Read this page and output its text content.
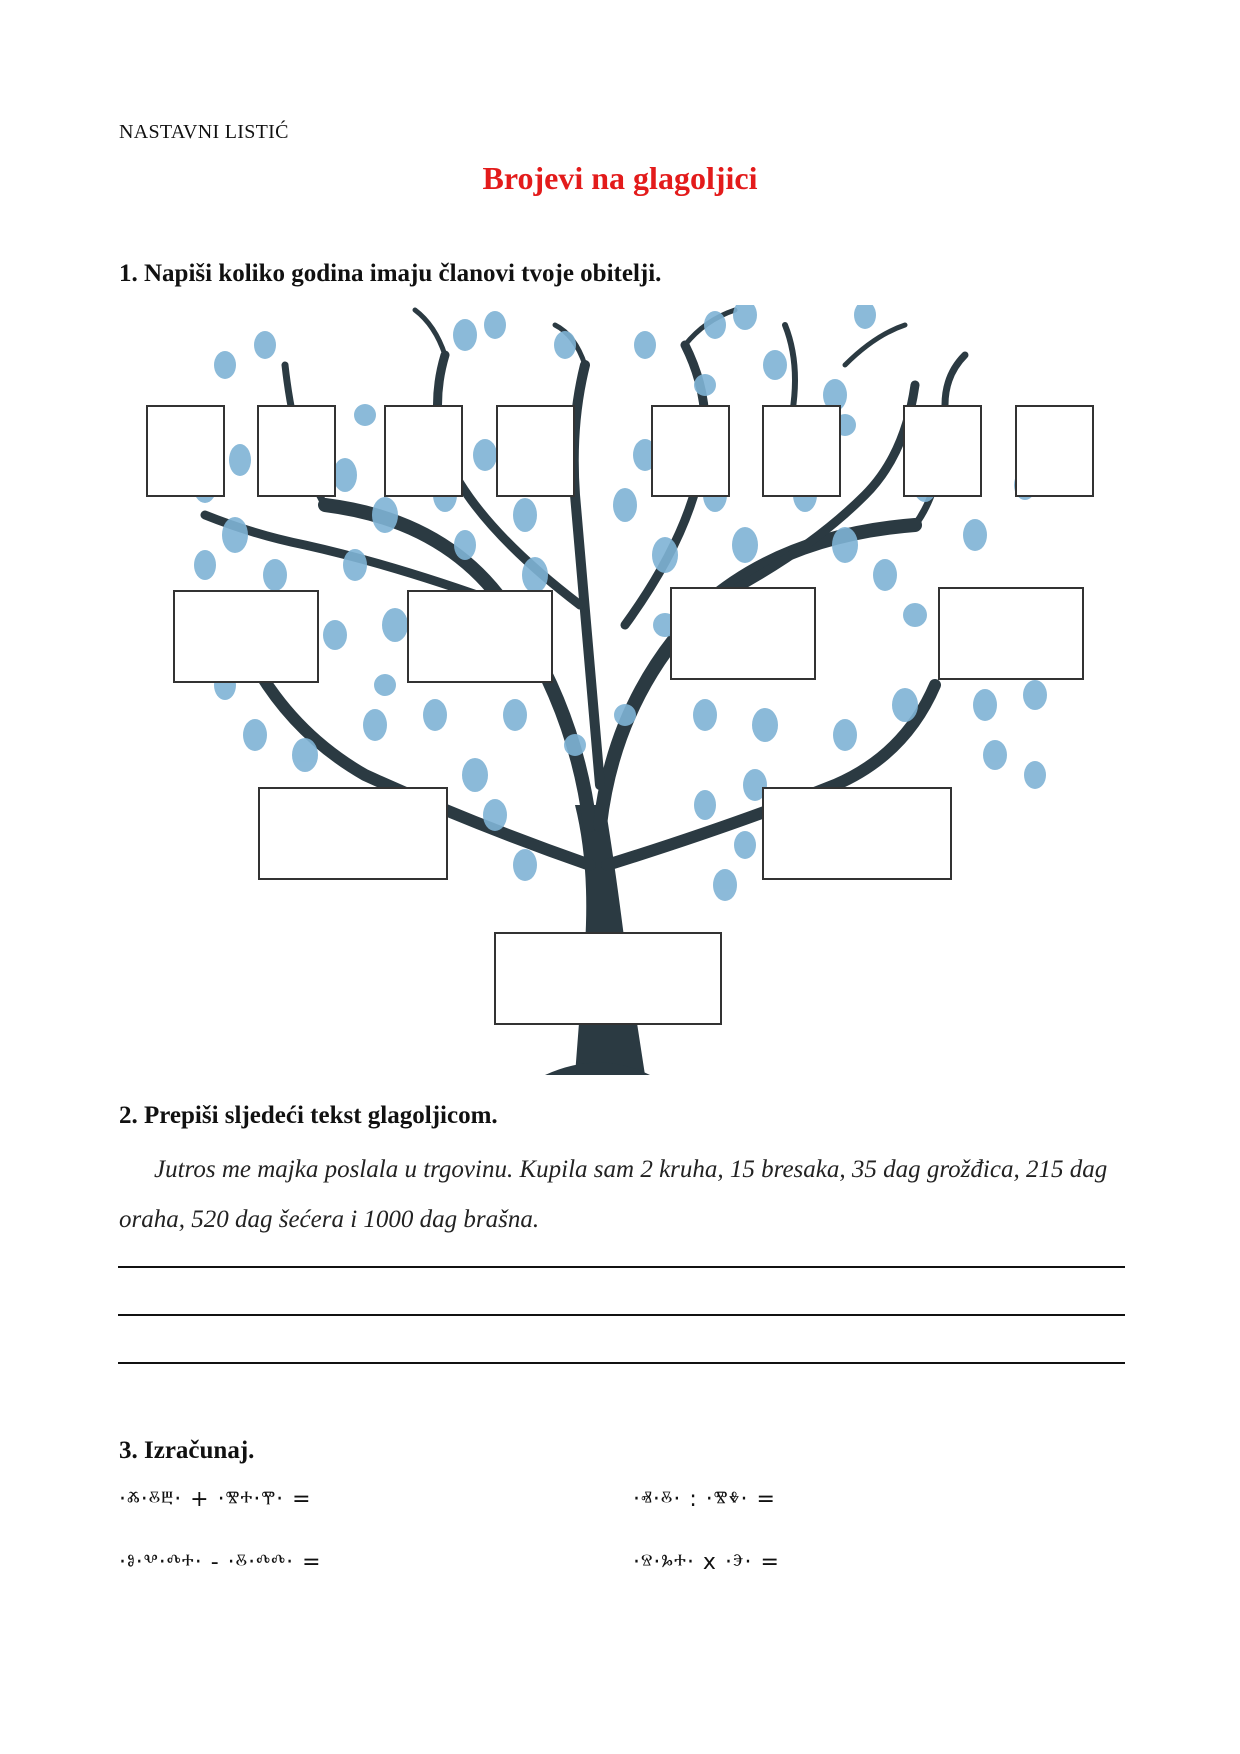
NASTAVNI LISTIĆ
Brojevi na glagoljici
1. Napiši koliko godina imaju članovi tvoje obitelji.
2. Prepiši sljedeći tekst glagoljicom.
Jutros me majka poslala u trgovinu. Kupila sam 2 kruha, 15 bresaka, 35 dag grožđica, 215 dag oraha, 520 dag šećera i 1000 dag brašna.
3. Izračunaj.
·ⰶ·ⰻⰱ· + ·ⰺⰰ·ⰹ· =	·ⱏ·ⰻ· : ·ⰺⰷ· =
·ⱁ·ⰲ·ⰴⰰ· - ·ⰻ·ⰴⰴ· =	·ⱄ·ⰳⰰ· x ·ⰵ· =
